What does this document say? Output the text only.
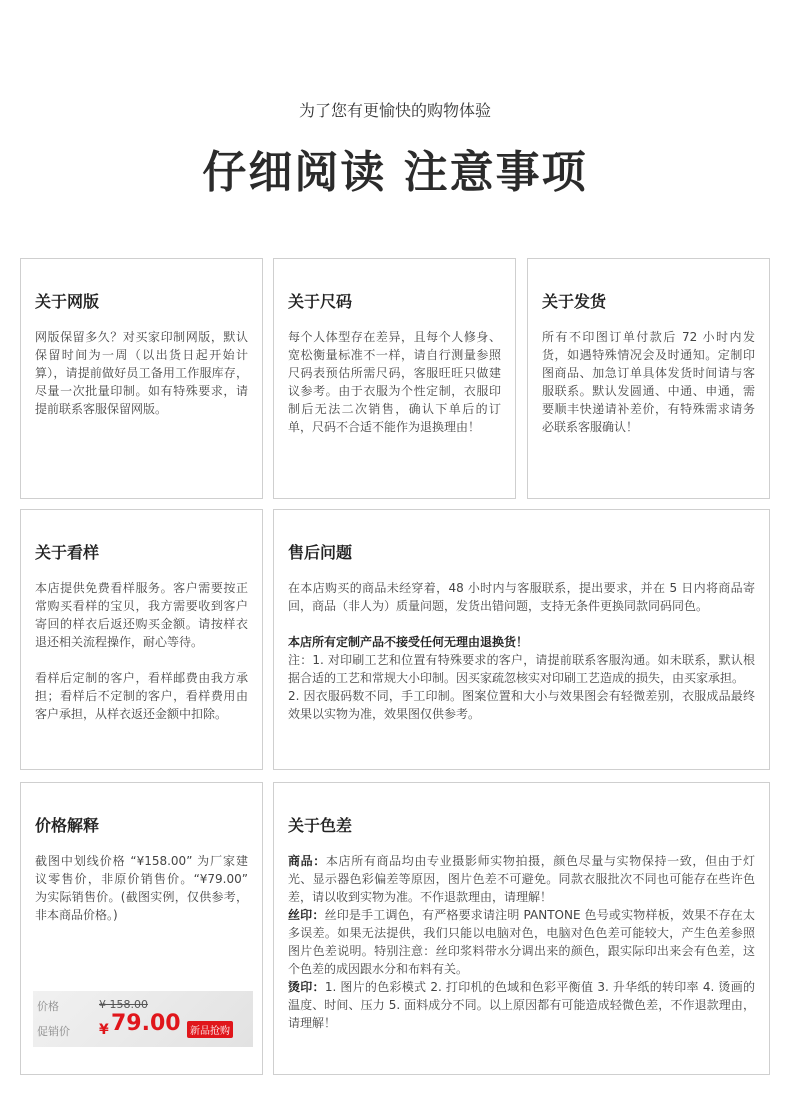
为了您有更愉快的购物体验
仔细阅读 注意事项
关于网版

网版保留多久？对买家印制网版，默认保留时间为一周（以出货日起开始计算），请提前做好员工备用工作服库存，尽量一次批量印制。如有特殊要求，请提前联系客服保留网版。

关于尺码

每个人体型存在差异，且每个人修身、宽松衡量标准不一样，请自行测量参照尺码表预估所需尺码，客服旺旺只做建议参考。由于衣服为个性定制，衣服印制后无法二次销售，确认下单后的订单，尺码不合适不能作为退换理由！

关于发货

所有不印图订单付款后 72 小时内发货，如遇特殊情况会及时通知。定制印图商品、加急订单具体发货时间请与客服联系。默认发圆通、中通、申通，需要顺丰快递请补差价，有特殊需求请务必联系客服确认！

关于看样

本店提供免费看样服务。客户需要按正常购买看样的宝贝，我方需要收到客户寄回的样衣后返还购买金额。请按样衣退还相关流程操作，耐心等待。

看样后定制的客户，看样邮费由我方承担；看样后不定制的客户，看样费用由客户承担，从样衣返还金额中扣除。

售后问题

在本店购买的商品未经穿着，48 小时内与客服联系，提出要求，并在 5 日内将商品寄回，商品（非人为）质量问题，发货出错问题，支持无条件更换同款同码同色。

本店所有定制产品不接受任何无理由退换货！

注：1. 对印刷工艺和位置有特殊要求的客户，请提前联系客服沟通。如未联系，默认根据合适的工艺和常规大小印制。因买家疏忽核实对印刷工艺造成的损失，由买家承担。

2. 因衣服码数不同，手工印制。图案位置和大小与效果图会有轻微差别，衣服成品最终效果以实物为准，效果图仅供参考。

价格解释

截图中划线价格 “¥158.00” 为厂家建议零售价，非原价销售价。“¥79.00” 为实际销售价。(截图实例，仅供参考，非本商品价格。)

价格	¥ 158.00
促销价 ¥ 79.00 新品抢购
关于色差

商品：本店所有商品均由专业摄影师实物拍摄，颜色尽量与实物保持一致，但由于灯光、显示器色彩偏差等原因，图片色差不可避免。同款衣服批次不同也可能存在些许色差，请以收到实物为准。不作退款理由，请理解！

丝印：丝印是手工调色，有严格要求请注明 PANTONE 色号或实物样板，效果不存在太多误差。如果无法提供，我们只能以电脑对色，电脑对色色差可能较大，产生色差参照图片色差说明。特别注意：丝印浆料带水分调出来的颜色，跟实际印出来会有色差，这个色差的成因跟水分和布料有关。

烫印：1. 图片的色彩模式 2. 打印机的色域和色彩平衡值 3. 升华纸的转印率 4. 烫画的温度、时间、压力 5. 面料成分不同。以上原因都有可能造成轻微色差，不作退款理由，请理解！
